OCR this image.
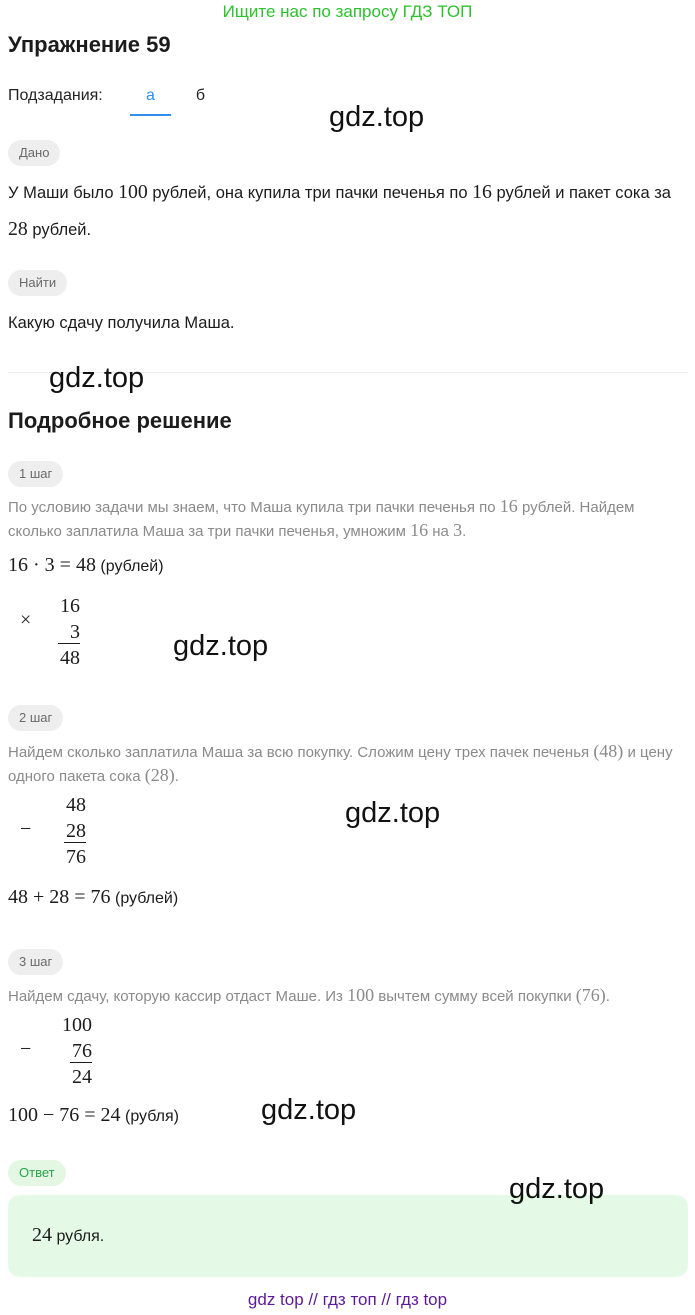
Ищите нас по запросу ГДЗ ТОП
Упражнение 59
Подзадания:	а	б
Дано

У Маши было 100 рублей, она купила три пачки печенья по 16 рублей и пакет сока за 28 рублей.

Найти

Какую сдачу получила Маша.

Подробное решение
1 шаг

По условию задачи мы знаем, что Маша купила три пачки печенья по 16 рублей. Найдем сколько заплатила Маша за три пачки печенья, умножим 16 на 3.

16 · 3 = 48 (рублей)
×
16
3
48
2 шаг

Найдем сколько заплатила Маша за всю покупку. Сложим цену трех пачек печенья (48) и цену одного пакета сока (28).

−
48
28
76
48 + 28 = 76 (рублей)
3 шаг

Найдем сдачу, которую кассир отдаст Маше. Из 100 вычтем сумму всей покупки (76).

−
100
76
24
100 − 76 = 24 (рубля)
Ответ
24 рубля.
gdz.top
gdz.top
gdz.top
gdz.top
gdz.top
gdz.top
gdz top // гдз топ // гдз top
